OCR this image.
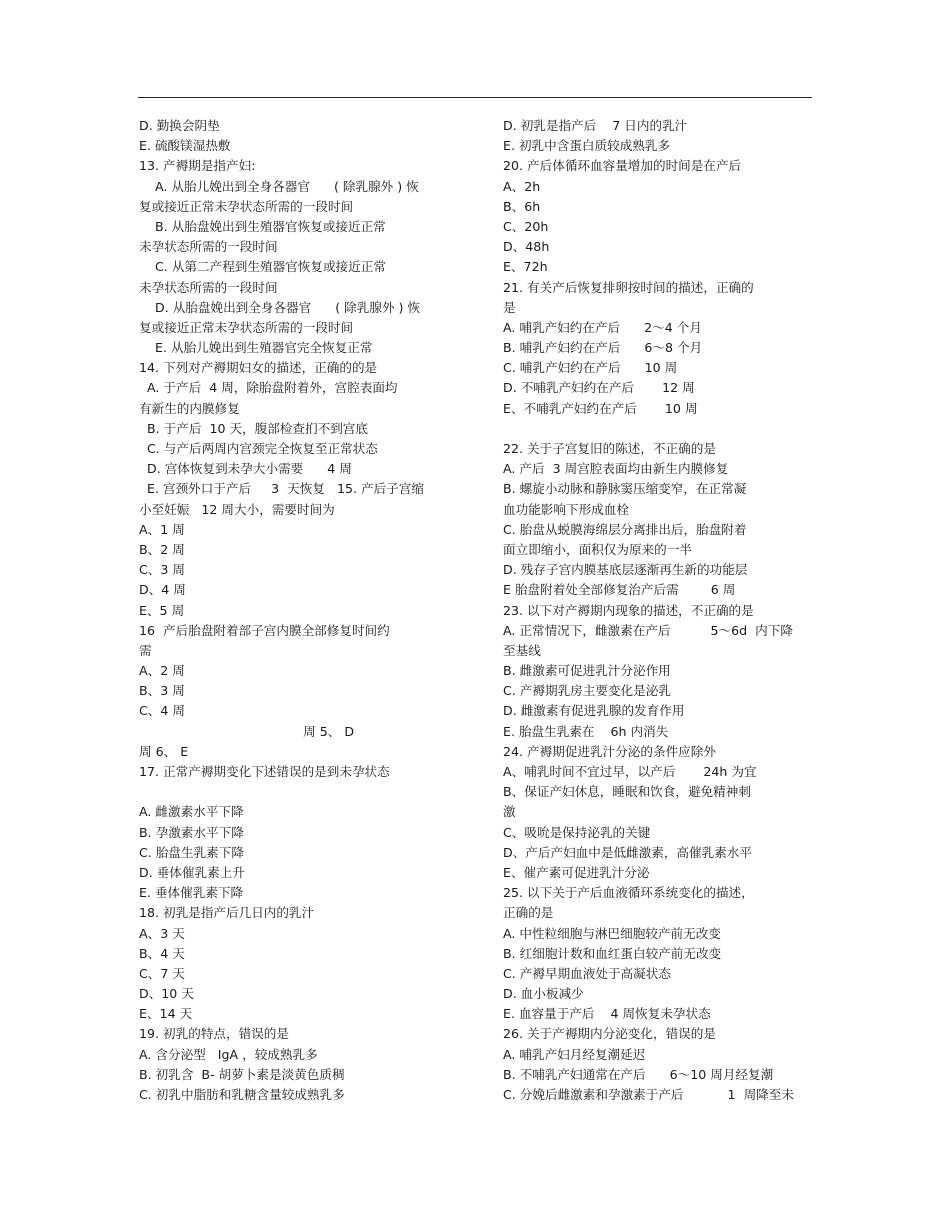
D. 勤换会阴垫
E. 硫酸镁湿热敷
13. 产褥期是指产妇:
A. 从胎儿娩出到全身各器官      ( 除乳腺外 ) 恢
复或接近正常未孕状态所需的一段时间
B. 从胎盘娩出到生殖器官恢复或接近正常
未孕状态所需的一段时间
C. 从第二产程到生殖器官恢复或接近正常
未孕状态所需的一段时间
D. 从胎盘娩出到全身各器官      ( 除乳腺外 ) 恢
复或接近正常未孕状态所需的一段时间
E. 从胎儿娩出到生殖器官完全恢复正常
14. 下列对产褥期妇女的描述，正确的的是
A. 于产后  4 周，除胎盘附着外，宫腔表面均
有新生的内膜修复
B. 于产后  10 天，腹部检查扪不到宫底
C. 与产后两周内宫颈完全恢复至正常状态
D. 宫体恢复到未孕大小需要      4 周
E. 宫颈外口于产后     3  天恢复   15. 产后子宫缩
小至妊娠   12 周大小，需要时间为
A、1 周
B、2 周
C、3 周
D、4 周
E、5 周
16  产后胎盘附着部子宫内膜全部修复时间约
需
A、2 周
B、3 周
C、4 周
周 5、 D
周 6、 E
17. 正常产褥期变化下述错误的是到未孕状态
A. 雌激素水平下降
B. 孕激素水平下降
C. 胎盘生乳素下降
D. 垂体催乳素上升
E. 垂体催乳素下降
18. 初乳是指产后几日内的乳汁
A、3 天
B、4 天
C、7 天
D、10 天
E、14 天
19. 初乳的特点，错误的是
A. 含分泌型   IgA ，较成熟乳多
B. 初乳含  B- 胡萝卜素是淡黄色质稠
C. 初乳中脂肪和乳糖含量较成熟乳多
D. 初乳是指产后    7 日内的乳汁
E. 初乳中含蛋白质较成熟乳多
20. 产后体循环血容量增加的时间是在产后
A、2h
B、6h
C、20h
D、48h
E、72h
21. 有关产后恢复排卵按时间的描述，正确的
是
A. 哺乳产妇约在产后      2～4 个月
B. 哺乳产妇约在产后      6～8 个月
C. 哺乳产妇约在产后      10 周
D. 不哺乳产妇约在产后       12 周
E、不哺乳产妇约在产后       10 周
22. 关于子宫复旧的陈述，不正确的是
A. 产后  3 周宫腔表面均由新生内膜修复
B. 螺旋小动脉和静脉窦压缩变窄，在正常凝
血功能影响下形成血栓
C. 胎盘从蜕膜海绵层分离排出后，胎盘附着
面立即缩小，面积仅为原来的一半
D. 残存子宫内膜基底层逐渐再生新的功能层
E 胎盘附着处全部修复治产后需        6 周
23. 以下对产褥期内现象的描述，不正确的是
A. 正常情况下，雌激素在产后          5～6d  内下降
至基线
B. 雌激素可促进乳汁分泌作用
C. 产褥期乳房主要变化是泌乳
D. 雌激素有促进乳腺的发育作用
E. 胎盘生乳素在    6h 内消失
24. 产褥期促进乳汁分泌的条件应除外
A、哺乳时间不宜过早，以产后       24h 为宜
B、保证产妇休息，睡眠和饮食，避免精神刺
激
C、吸吮是保持泌乳的关键
D、产后产妇血中是低雌激素，高催乳素水平
E、催产素可促进乳汁分泌
25. 以下关于产后血液循环系统变化的描述，
正确的是
A. 中性粒细胞与淋巴细胞较产前无改变
B. 红细胞计数和血红蛋白较产前无改变
C. 产褥早期血液处于高凝状态
D. 血小板减少
E. 血容量于产后    4 周恢复未孕状态
26. 关于产褥期内分泌变化，错误的是
A. 哺乳产妇月经复潮延迟
B. 不哺乳产妇通常在产后      6～10 周月经复潮
C. 分娩后雌激素和孕激素于产后           1  周降至未
